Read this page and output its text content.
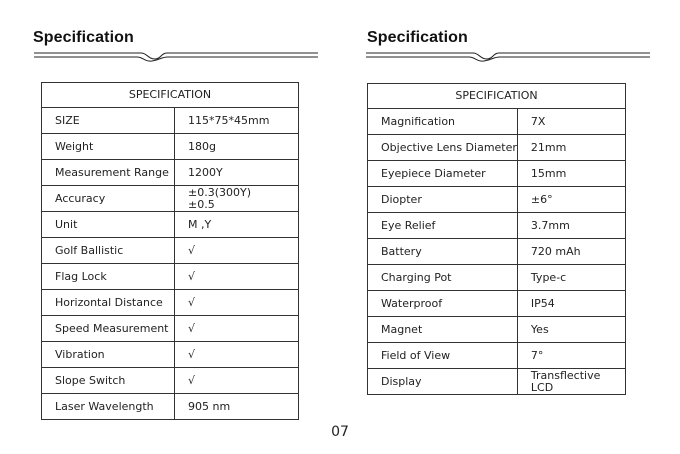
Specification
SPECIFICATION	
SIZE	115*75*45mm
Weight	180g
Measurement Range	1200Y
Accuracy	±0.3(300Y)
±0.5
Unit	M ,Y
Golf Ballistic	√
Flag Lock	√
Horizontal Distance	√
Speed Measurement	√
Vibration	√
Slope Switch	√
Laser Wavelength	905 nm
Specification
SPECIFICATION	
Magnification	7X
Objective Lens Diameter	21mm
Eyepiece Diameter	15mm
Diopter	±6°
Eye Relief	3.7mm
Battery	720 mAh
Charging Pot	Type-c
Waterproof	IP54
Magnet	Yes
Field of View	7°
Display	Transflective LCD
07
